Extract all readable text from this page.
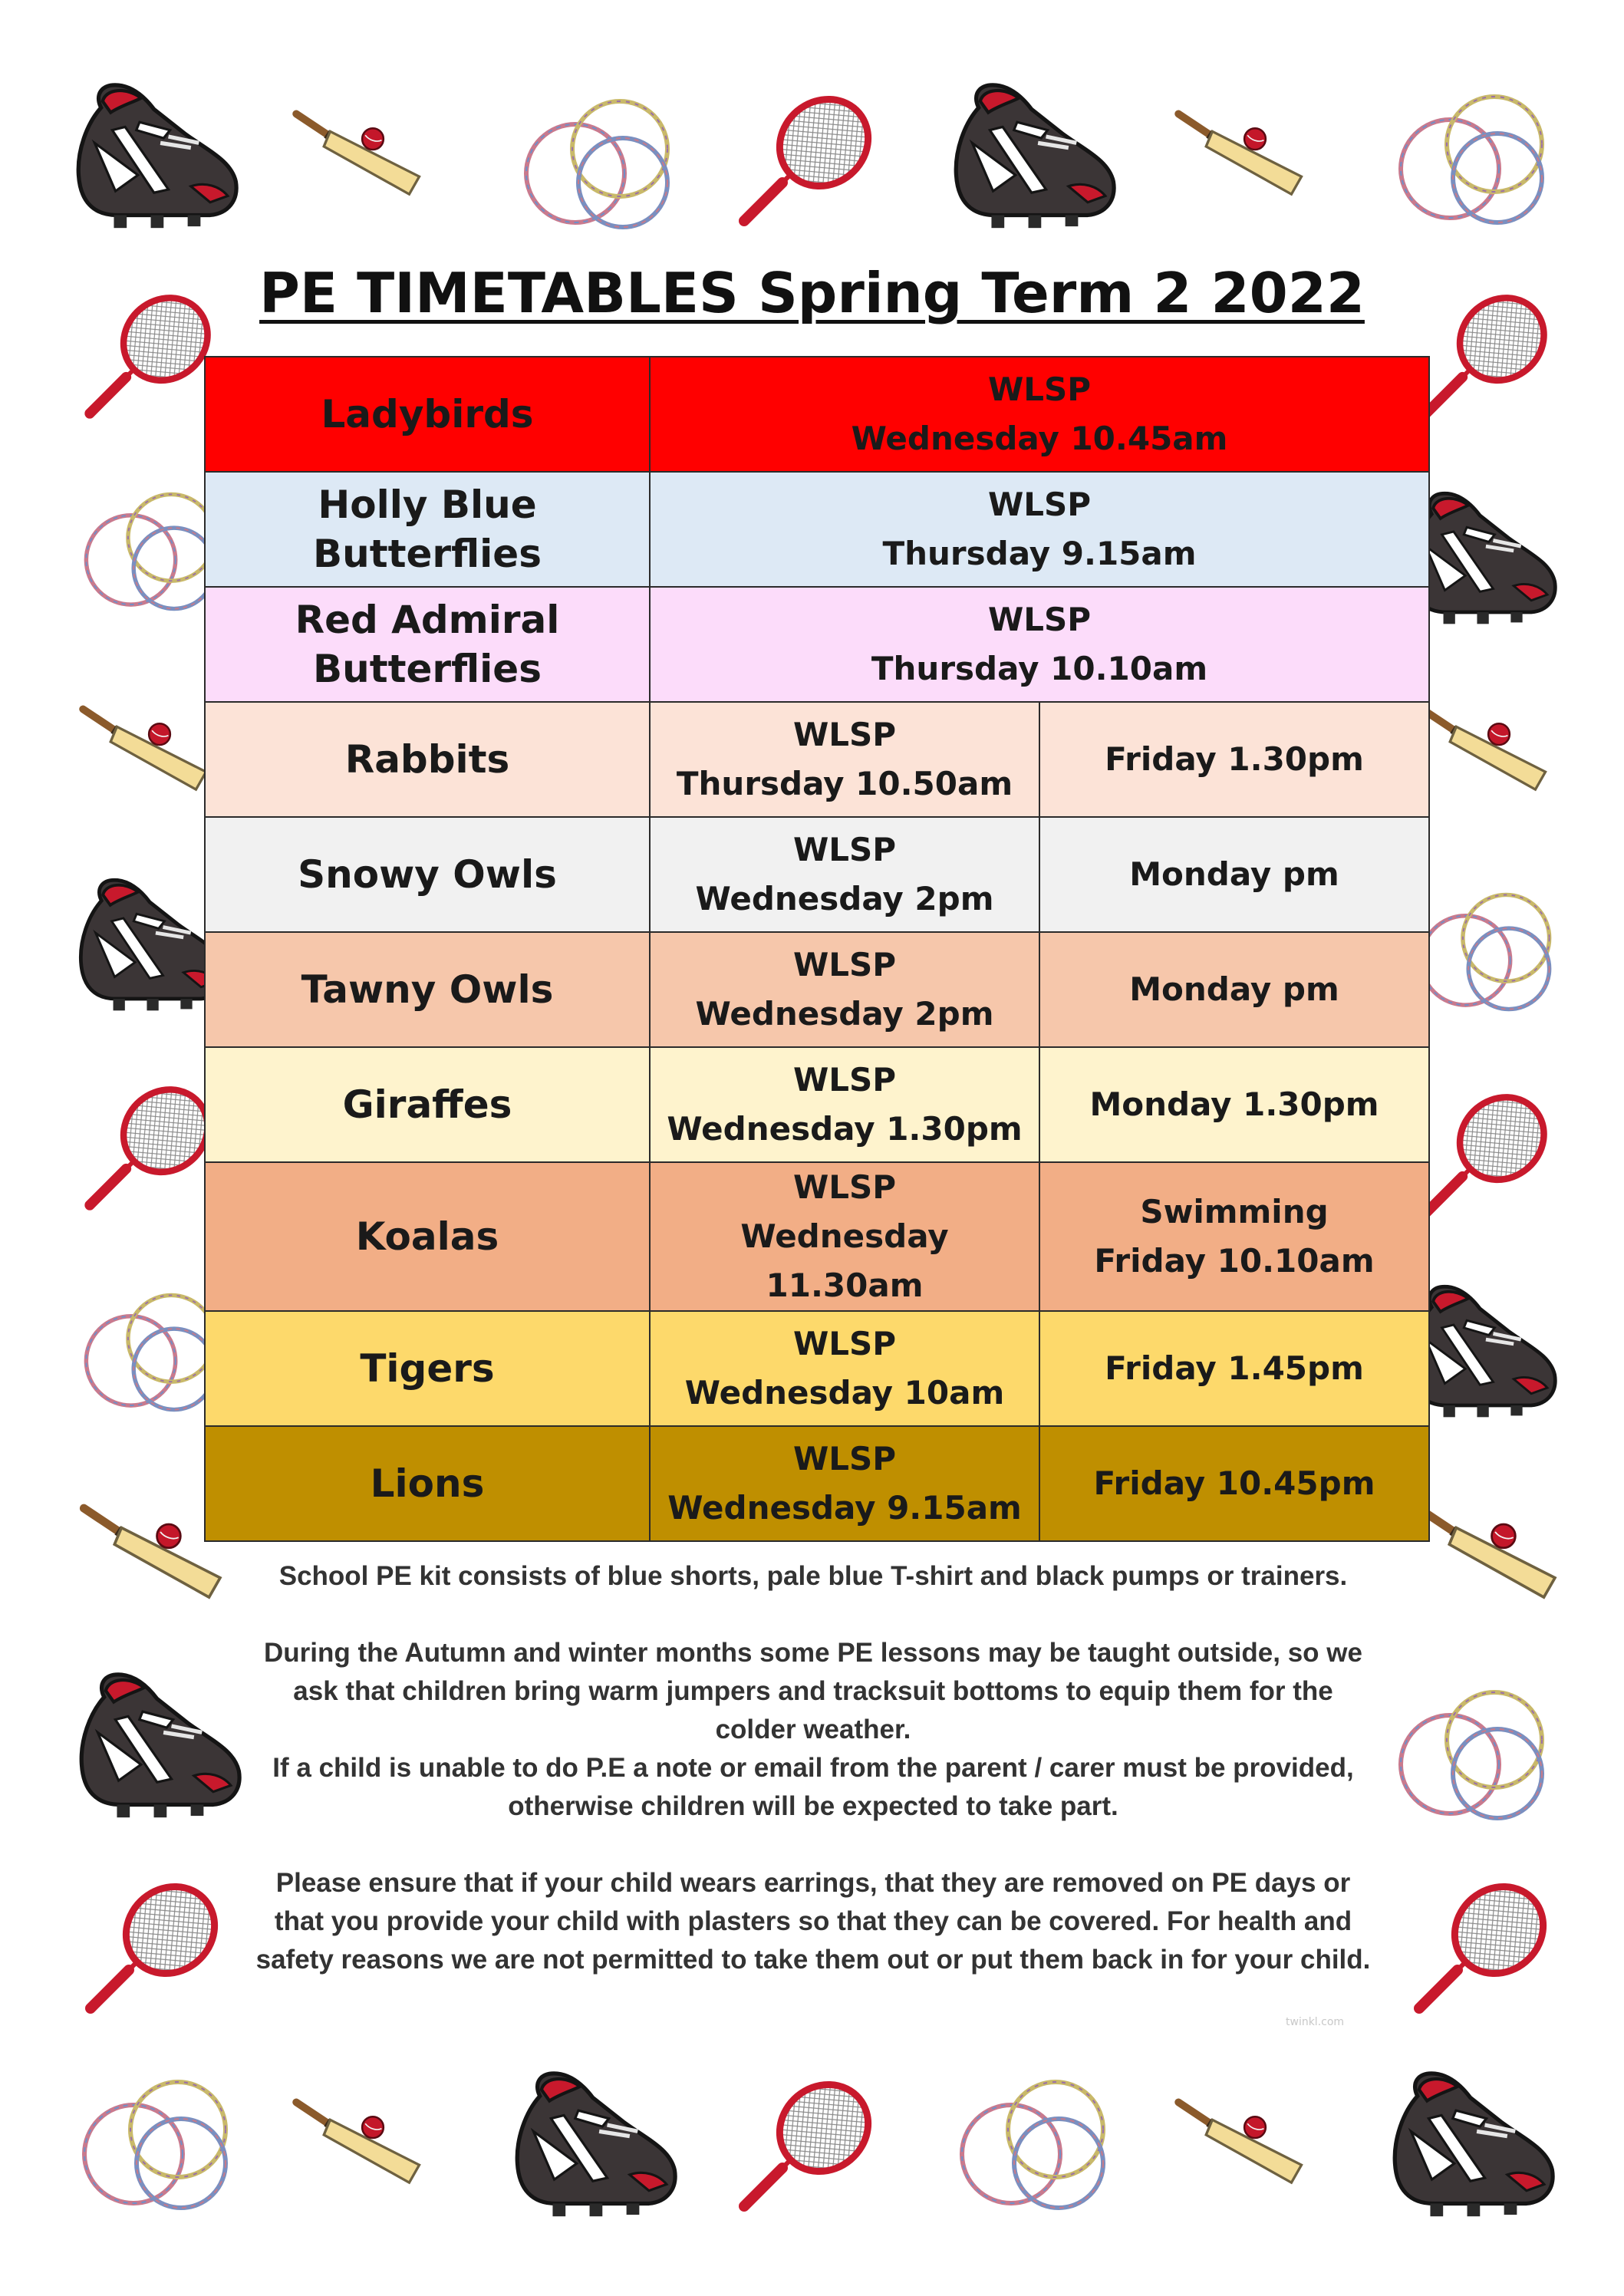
PE TIMETABLES Spring Term 2 2022
Ladybirds	WLSP
Wednesday 10.45am	

Holly Blue Butterflies	WLSP
Thursday 9.15am	

Red Admiral Butterflies	WLSP
Thursday 10.10am	

Rabbits	WLSP
Thursday 10.50am	Friday 1.30pm

Snowy Owls	WLSP
Wednesday 2pm	Monday pm

Tawny Owls	WLSP
Wednesday 2pm	Monday pm

Giraffes	WLSP
Wednesday 1.30pm	Monday 1.30pm

Koalas	WLSP
Wednesday 11.30am	Swimming
Friday 10.10am

Tigers	WLSP
Wednesday 10am	Friday 1.45pm

Lions	WLSP
Wednesday 9.15am	Friday 10.45pm

School PE kit consists of blue shorts, pale blue T-shirt and black pumps or trainers.

During the Autumn and winter months some PE lessons may be taught outside, so we ask that children bring warm jumpers and tracksuit bottoms to equip them for the colder weather.

If a child is unable to do P.E a note or email from the parent / carer must be provided, otherwise children will be expected to take part.

Please ensure that if your child wears earrings, that they are removed on PE days or that you provide your child with plasters so that they can be covered. For health and safety reasons we are not permitted to take them out or put them back in for your child.

twinkl.com
